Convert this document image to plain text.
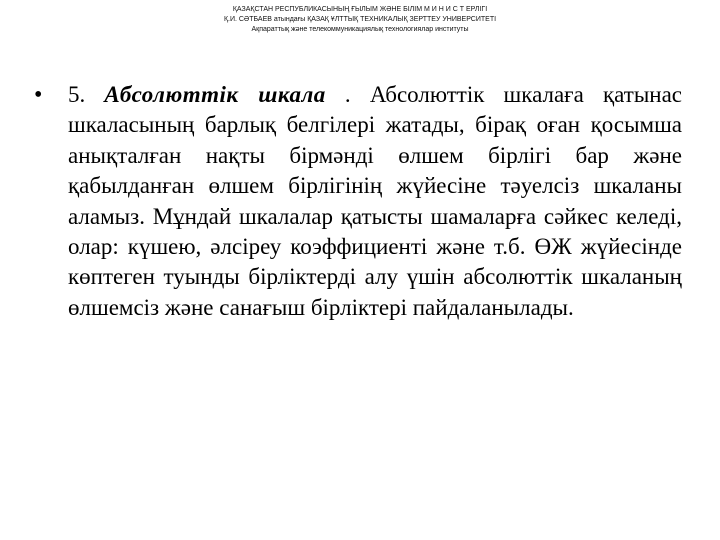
ҚАЗАҚСТАН РЕСПУБЛИКАСЫНЫҢ ҒЫЛЫМ ЖӘНЕ БІЛІМ М И Н И С Т ЕРЛІГІ
Қ.И. СӘТБАЕВ атындағы ҚАЗАҚ ҰЛТТЫҚ ТЕХНИКАЛЫҚ ЗЕРТТЕУ УНИВЕРСИТЕТІ
Ақпараттық және телекоммуникациялық технологиялар институты
• 5. Абсолюттік шкала . Абсолюттік шкалаға қатынас шкаласының барлық белгілері жатады, бірақ оған қосымша анықталған нақты бірмәнді өлшем бірлігі бар және қабылданған өлшем бірлігінің жүйесіне тәуелсіз шкаланы аламыз. Мұндай шкалалар қатысты шамаларға сәйкес келеді, олар: күшею, әлсіреу коэффициенті және т.б. ӨЖ жүйесінде көптеген туынды бірліктерді алу үшін абсолюттік шкаланың өлшемсіз және санағыш бірліктері пайдаланылады.
